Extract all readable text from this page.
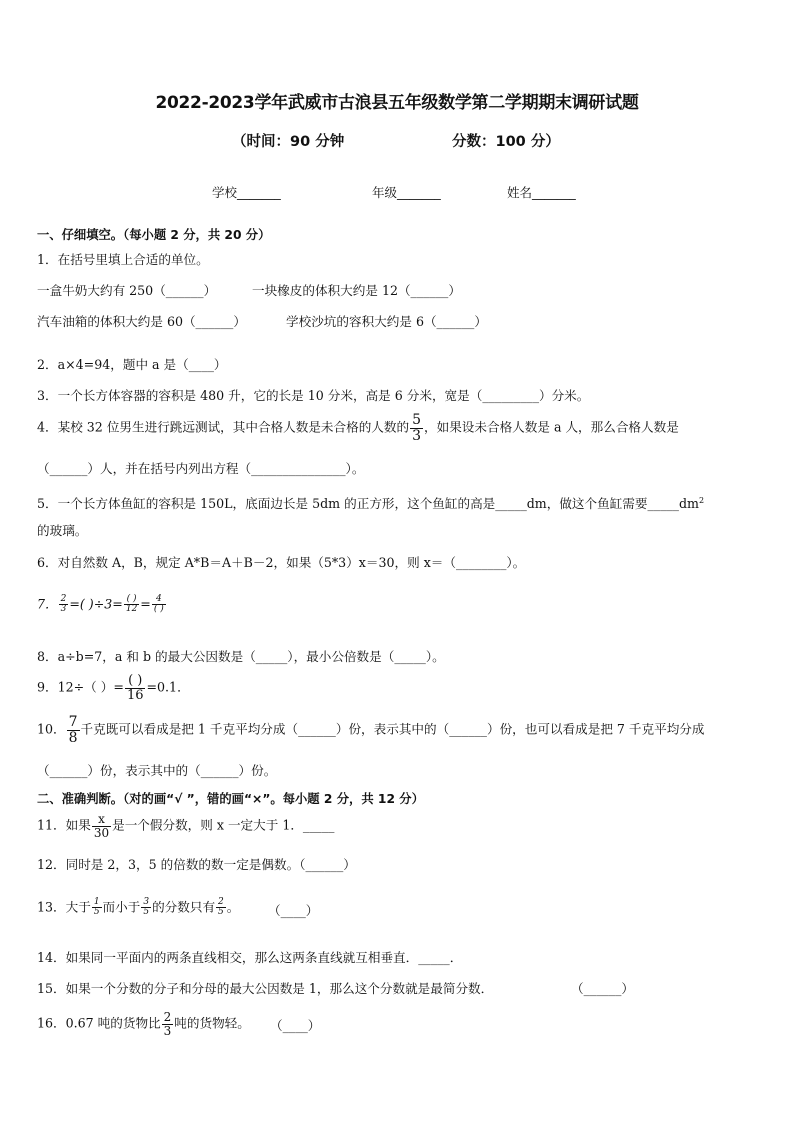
2022-2023学年武威市古浪县五年级数学第二学期期末调研试题
（时间：90 分钟	分数：100 分）
学校_______	年级_______	姓名_______
一、仔细填空。（每小题 2 分，共 20 分）
1．在括号里填上合适的单位。
一盒牛奶大约有 250（______）	一块橡皮的体积大约是 12（______）
汽车油箱的体积大约是 60（______）	学校沙坑的容积大约是 6（______）
2．a×4=94，题中 a 是（____）
3．一个长方体容器的容积是 480 升，它的长是 10 分米，高是 6 分米，宽是（_________）分米。
4．某校 32 位男生进行跳远测试，其中合格人数是未合格的人数的 $\frac{5}{3}$ ，如果设未合格人数是 a 人，那么合格人数是
（______）人，并在括号内列出方程（_______________）。
5．一个长方体鱼缸的容积是 150L，底面边长是 5dm 的正方形，这个鱼缸的高是_____dm，做这个鱼缸需要$\_\_\_\_\_dm^2$
的玻璃。
6．对自然数 A，B，规定 A*B＝A＋B－2，如果（5*3）x＝30，则 x＝（________）。
7． $\frac{2}{3}$ =( )$\div 3= \frac{( )}{12} = \frac{4}{( )}$
8．a÷b=7，a 和 b 的最大公因数是（_____），最小公倍数是（_____）。
9．12÷（ ）= $\frac{( )}{16} =0.1$．
10． $\frac{7}{8}$ 千克既可以看成是把 1 千克平均分成（______）份，表示其中的（______）份，也可以看成是把 7 千克平均分成
（______）份，表示其中的（______）份。
二、准确判断。（对的画“√ ”，错的画“×”。每小题 2 分，共 12 分）
11．如果 $\frac{x}{30}$ 是一个假分数，则 x 一定大于 1．_____
12．同时是 2，3，5 的倍数的数一定是偶数。（______）
13．大于 $\frac{1}{5}$ 而小于 $\frac{3}{5}$ 的分数只有 $\frac{2}{5}$ 。 （____）
14．如果同一平面内的两条直线相交，那么这两条直线就互相垂直．_____．
15．如果一个分数的分子和分母的最大公因数是 1，那么这个分数就是最简分数．	（______）
16．0.67 吨的货物比 $\frac{2}{3}$ 吨的货物轻。 （____）
